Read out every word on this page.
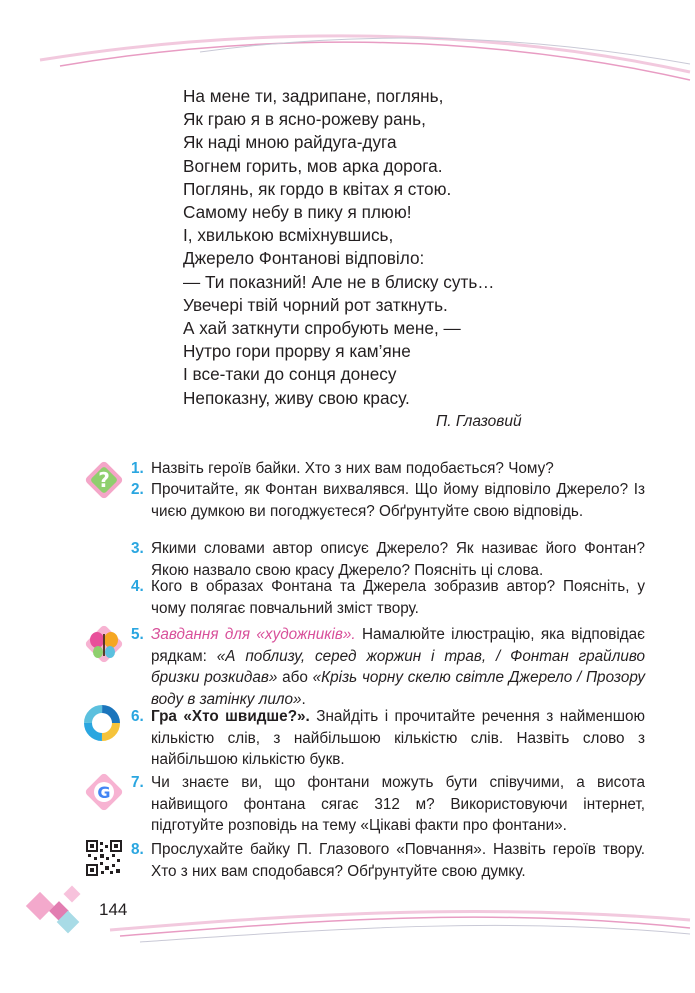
На мене ти, задрипане, поглянь,
Як граю я в ясно-рожеву рань,
Як наді мною райдуга-дуга
Вогнем горить, мов арка дорога.
Поглянь, як гордо в квітах я стою.
Самому небу в пику я плюю!
І, хвилькою всміхнувшись,
Джерело Фонтанові відповіло:
— Ти показний! Але не в блиску суть…
Увечері твій чорний рот заткнуть.
А хай заткнути спробують мене, —
Нутро гори прорву я кам’яне
І все-таки до сонця донесу
Непоказну, живу свою красу.
П. Глазовий
? 1. Назвіть героїв байки. Хто з них вам подобається? Чому?
2. Прочитайте, як Фонтан вихвалявся. Що йому відповіло Джерело? Із чиєю думкою ви погоджуєтеся? Обґрунтуйте свою відповідь.
3. Якими словами автор описує Джерело? Як називає його Фонтан? Якою назвало свою красу Джерело? Поясніть ці слова.
4. Кого в образах Фонтана та Джерела зобразив автор? Поясніть, у чому полягає повчальний зміст твору.
5. Завдання для «художників». Намалюйте ілюстрацію, яка відповідає рядкам: «А поблизу, серед жоржин і трав, / Фонтан грайливо бризки розкидав» або «Крізь чорну скелю світле Джерело / Прозору воду в затінку лило».
6. Гра «Хто швидше?». Знайдіть і прочитайте речення з найменшою кількістю слів, з найбільшою кількістю слів. Назвіть слово з найбільшою кількістю букв.
G
7. Чи знаєте ви, що фонтани можуть бути співучими, а висота найвищого фонтана сягає 312 м? Використовуючи інтернет, підготуйте розповідь на тему «Цікаві факти про фонтани».
8. Прослухайте байку П. Глазового «Повчання». Назвіть героїв твору. Хто з них вам сподобався? Обґрунтуйте свою думку.
144
